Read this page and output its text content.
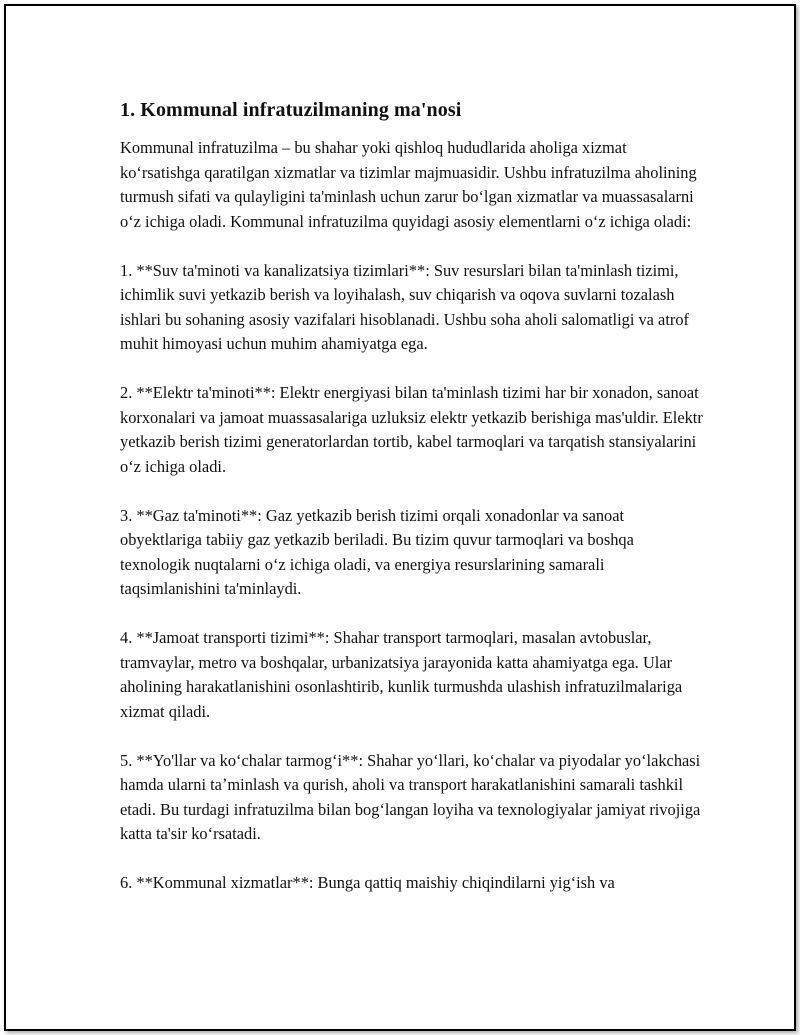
1. Kommunal infratuzilmaning ma'nosi

Kommunal infratuzilma – bu shahar yoki qishloq hududlarida aholiga xizmat koʻrsatishga qaratilgan xizmatlar va tizimlar majmuasidir. Ushbu infratuzilma aholining turmush sifati va qulayligini ta'minlash uchun zarur boʻlgan xizmatlar va muassasalarni oʻz ichiga oladi. Kommunal infratuzilma quyidagi asosiy elementlarni oʻz ichiga oladi:

1. **Suv ta'minoti va kanalizatsiya tizimlari**: Suv resurslari bilan ta'minlash tizimi, ichimlik suvi yetkazib berish va loyihalash, suv chiqarish va oqova suvlarni tozalash ishlari bu sohaning asosiy vazifalari hisoblanadi. Ushbu soha aholi salomatligi va atrof muhit himoyasi uchun muhim ahamiyatga ega.

2. **Elektr ta'minoti**: Elektr energiyasi bilan ta'minlash tizimi har bir xonadon, sanoat korxonalari va jamoat muassasalariga uzluksiz elektr yetkazib berishiga mas'uldir. Elektr yetkazib berish tizimi generatorlardan tortib, kabel tarmoqlari va tarqatish stansiyalarini oʻz ichiga oladi.

3. **Gaz ta'minoti**: Gaz yetkazib berish tizimi orqali xonadonlar va sanoat obyektlariga tabiiy gaz yetkazib beriladi. Bu tizim quvur tarmoqlari va boshqa texnologik nuqtalarni oʻz ichiga oladi, va energiya resurslarining samarali taqsimlanishini ta'minlaydi.

4. **Jamoat transporti tizimi**: Shahar transport tarmoqlari, masalan avtobuslar, tramvaylar, metro va boshqalar, urbanizatsiya jarayonida katta ahamiyatga ega. Ular aholining harakatlanishini osonlashtirib, kunlik turmushda ulashish infratuzilmalariga xizmat qiladi.

5. **Yo'llar va koʻchalar tarmogʻi**: Shahar yoʻllari, koʻchalar va piyodalar yoʻlakchasi hamda ularni taʼminlash va qurish, aholi va transport harakatlanishini samarali tashkil etadi. Bu turdagi infratuzilma bilan bogʻlangan loyiha va texnologiyalar jamiyat rivojiga katta ta'sir koʻrsatadi.

6. **Kommunal xizmatlar**: Bunga qattiq maishiy chiqindilarni yigʻish va
